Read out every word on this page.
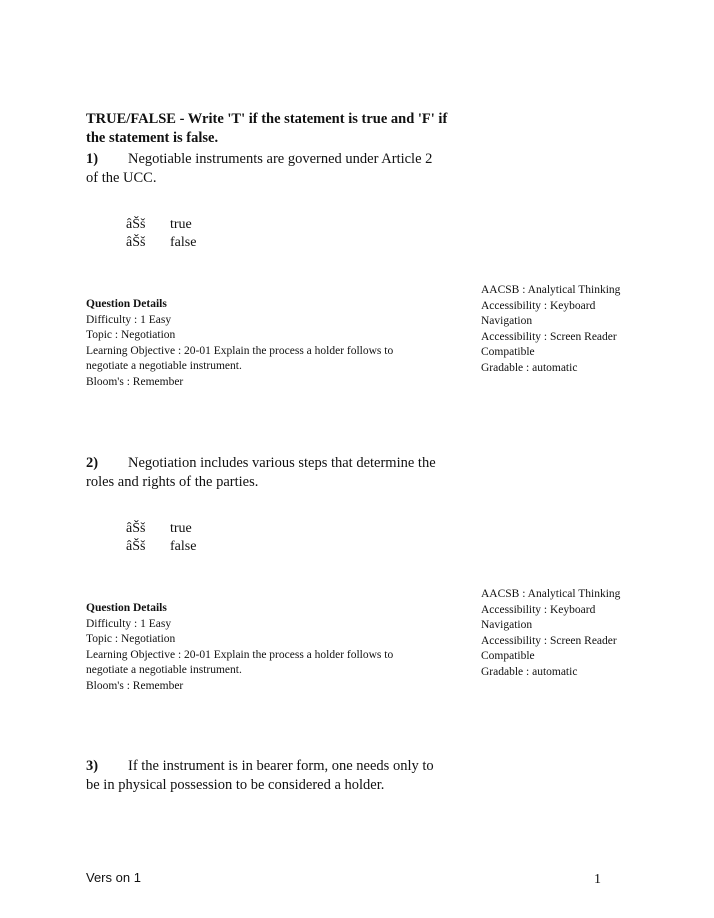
TRUE/FALSE - Write 'T' if the statement is true and 'F' if the statement is false.
1) Negotiable instruments are governed under Article 2 of the UCC.
âŠš	true
âŠš	false
Question Details
Difficulty : 1 Easy
Topic : Negotiation
Learning Objective : 20-01 Explain the process a holder follows to negotiate a negotiable instrument.
Bloom's : Remember
AACSB : Analytical Thinking
Accessibility : Keyboard Navigation
Accessibility : Screen Reader Compatible
Gradable : automatic
2) Negotiation includes various steps that determine the roles and rights of the parties.
âŠš	true
âŠš	false
Question Details
Difficulty : 1 Easy
Topic : Negotiation
Learning Objective : 20-01 Explain the process a holder follows to negotiate a negotiable instrument.
Bloom's : Remember
AACSB : Analytical Thinking
Accessibility : Keyboard Navigation
Accessibility : Screen Reader Compatible
Gradable : automatic
3) If the instrument is in bearer form, one needs only to be in physical possession to be considered a holder.
Vers on 1	1
